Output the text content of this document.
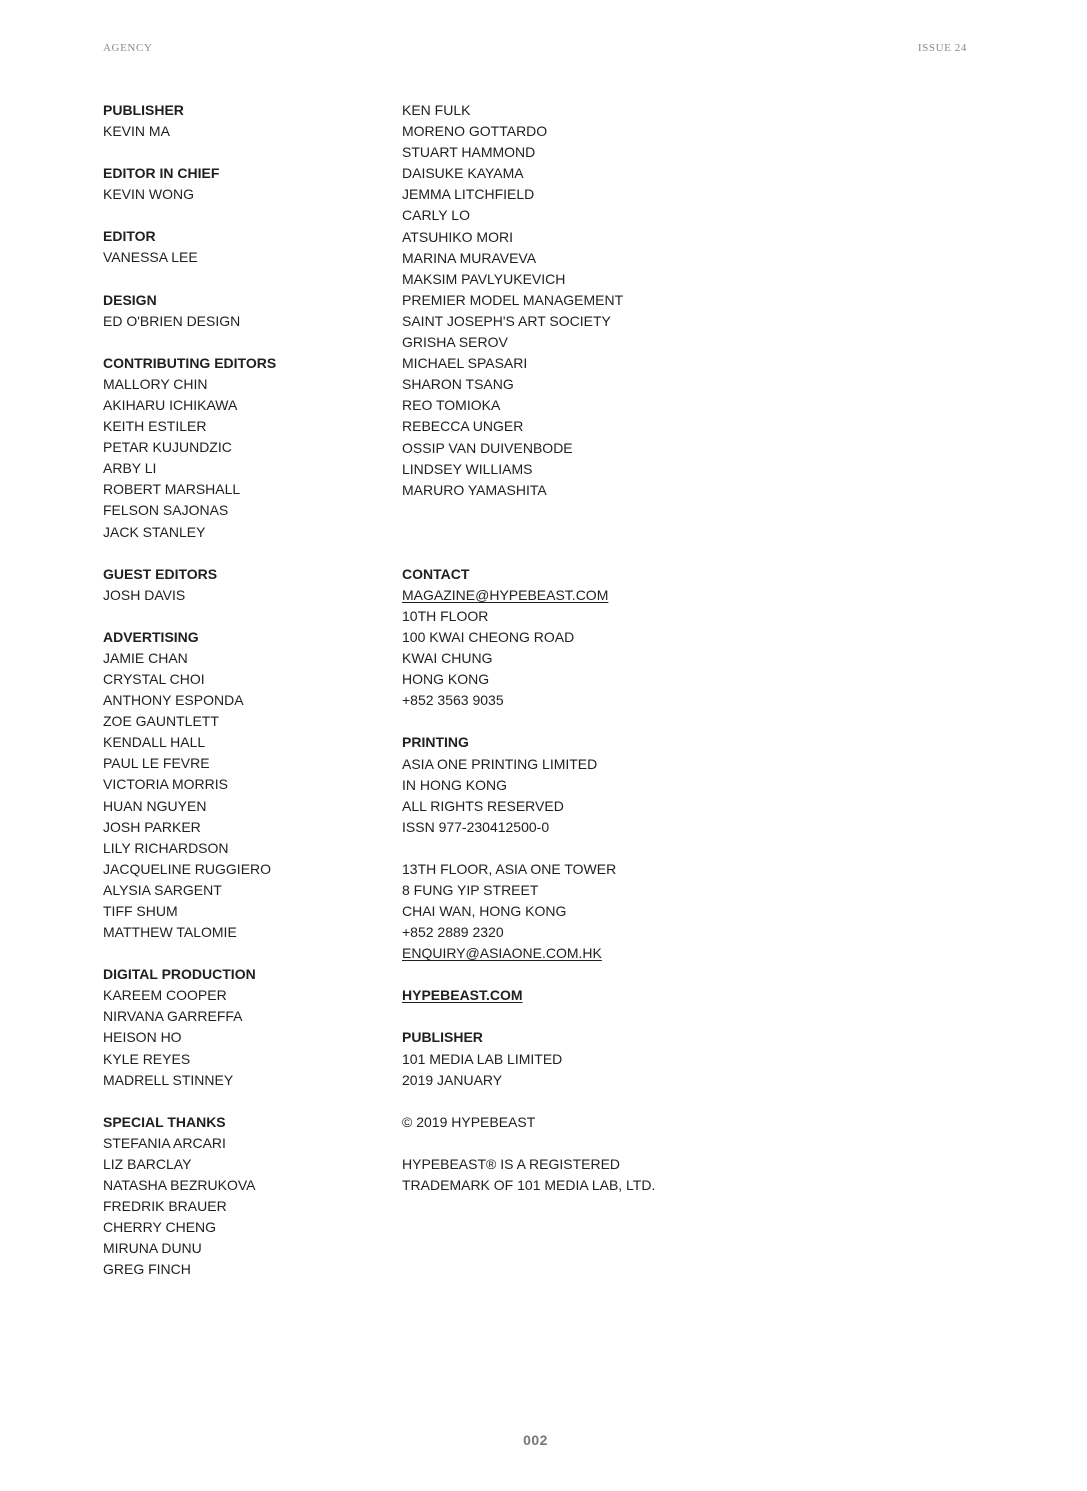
AGENCY	ISSUE 24
PUBLISHER
KEVIN MA
EDITOR IN CHIEF
KEVIN WONG
EDITOR
VANESSA LEE
DESIGN
ED O'BRIEN DESIGN
CONTRIBUTING EDITORS
MALLORY CHIN
AKIHARU ICHIKAWA
KEITH ESTILER
PETAR KUJUNDZIC
ARBY LI
ROBERT MARSHALL
FELSON SAJONAS
JACK STANLEY
GUEST EDITORS
JOSH DAVIS
ADVERTISING
JAMIE CHAN
CRYSTAL CHOI
ANTHONY ESPONDA
ZOE GAUNTLETT
KENDALL HALL
PAUL LE FEVRE
VICTORIA MORRIS
HUAN NGUYEN
JOSH PARKER
LILY RICHARDSON
JACQUELINE RUGGIERO
ALYSIA SARGENT
TIFF SHUM
MATTHEW TALOMIE
DIGITAL PRODUCTION
KAREEM COOPER
NIRVANA GARREFFA
HEISON HO
KYLE REYES
MADRELL STINNEY
SPECIAL THANKS
STEFANIA ARCARI
LIZ BARCLAY
NATASHA BEZRUKOVA
FREDRIK BRAUER
CHERRY CHENG
MIRUNA DUNU
GREG FINCH
KEN FULK
MORENO GOTTARDO
STUART HAMMOND
DAISUKE KAYAMA
JEMMA LITCHFIELD
CARLY LO
ATSUHIKO MORI
MARINA MURAVEVA
MAKSIM PAVLYUKEVICH
PREMIER MODEL MANAGEMENT
SAINT JOSEPH'S ART SOCIETY
GRISHA SEROV
MICHAEL SPASARI
SHARON TSANG
REO TOMIOKA
REBECCA UNGER
OSSIP VAN DUIVENBODE
LINDSEY WILLIAMS
MARURO YAMASHITA
CONTACT
MAGAZINE@HYPEBEAST.COM
10TH FLOOR
100 KWAI CHEONG ROAD
KWAI CHUNG
HONG KONG
+852 3563 9035
PRINTING
ASIA ONE PRINTING LIMITED
IN HONG KONG
ALL RIGHTS RESERVED
ISSN 977-230412500-0
13TH FLOOR, ASIA ONE TOWER
8 FUNG YIP STREET
CHAI WAN, HONG KONG
+852 2889 2320
ENQUIRY@ASIAONE.COM.HK
HYPEBEAST.COM
PUBLISHER
101 MEDIA LAB LIMITED
2019 JANUARY
© 2019 HYPEBEAST
HYPEBEAST® IS A REGISTERED
TRADEMARK OF 101 MEDIA LAB, LTD.
002
